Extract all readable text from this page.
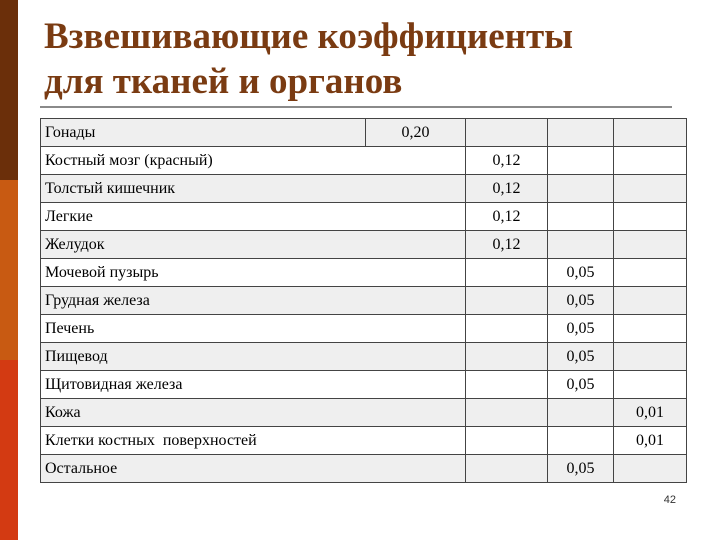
Взвешивающие коэффициенты
для тканей и органов
Гонады	0,20			
Костный мозг (красный)		0,12		
Толстый кишечник		0,12		
Легкие		0,12		
Желудок		0,12		
Мочевой пузырь			0,05	
Грудная железа			0,05	
Печень			0,05	
Пищевод			0,05	
Щитовидная железа			0,05	
Кожа				0,01
Клетки костных  поверхностей				0,01
Остальное			0,05	
42
